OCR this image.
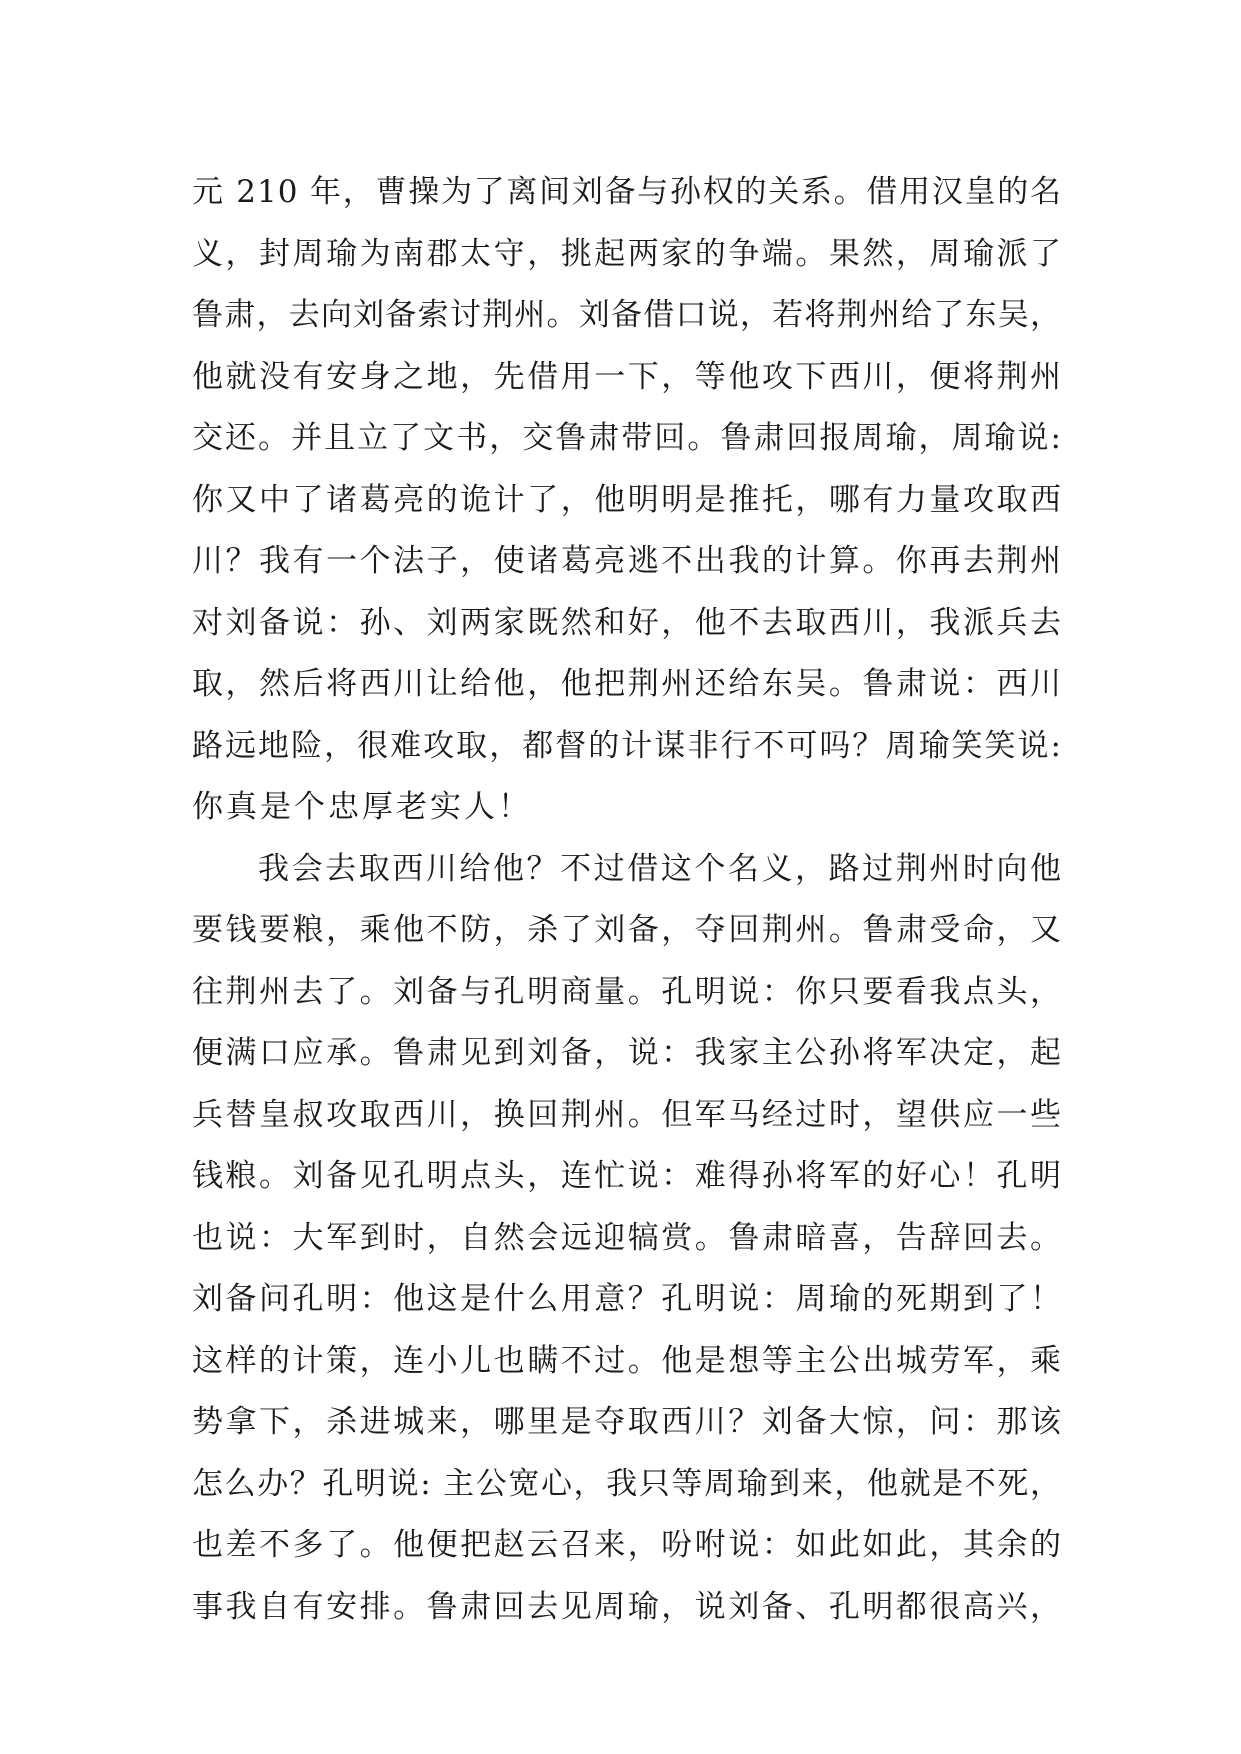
元 210 年，曹操为了离间刘备与孙权的关系。借用汉皇的名
义，封周瑜为南郡太守，挑起两家的争端。果然，周瑜派了
鲁肃，去向刘备索讨荆州。刘备借口说，若将荆州给了东吴，
他就没有安身之地，先借用一下，等他攻下西川，便将荆州
交还。并且立了文书，交鲁肃带回。鲁肃回报周瑜，周瑜说:
你又中了诸葛亮的诡计了，他明明是推托，哪有力量攻取西
川？我有一个法子，使诸葛亮逃不出我的计算。你再去荆州
对刘备说：孙、刘两家既然和好，他不去取西川，我派兵去
取，然后将西川让给他，他把荆州还给东吴。鲁肃说：西川
路远地险，很难攻取，都督的计谋非行不可吗？周瑜笑笑说:
你真是个忠厚老实人！
我会去取西川给他？不过借这个名义，路过荆州时向他
要钱要粮，乘他不防，杀了刘备，夺回荆州。鲁肃受命，又
往荆州去了。刘备与孔明商量。孔明说：你只要看我点头，
便满口应承。鲁肃见到刘备，说：我家主公孙将军决定，起
兵替皇叔攻取西川，换回荆州。但军马经过时，望供应一些
钱粮。刘备见孔明点头，连忙说：难得孙将军的好心！孔明
也说：大军到时，自然会远迎犒赏。鲁肃暗喜，告辞回去。
刘备问孔明：他这是什么用意？孔明说：周瑜的死期到了！
这样的计策，连小儿也瞒不过。他是想等主公出城劳军，乘
势拿下，杀进城来，哪里是夺取西川？刘备大惊，问：那该
怎么办？孔明说: 主公宽心，我只等周瑜到来，他就是不死，
也差不多了。他便把赵云召来，吩咐说：如此如此，其余的
事我自有安排。鲁肃回去见周瑜，说刘备、孔明都很高兴，
